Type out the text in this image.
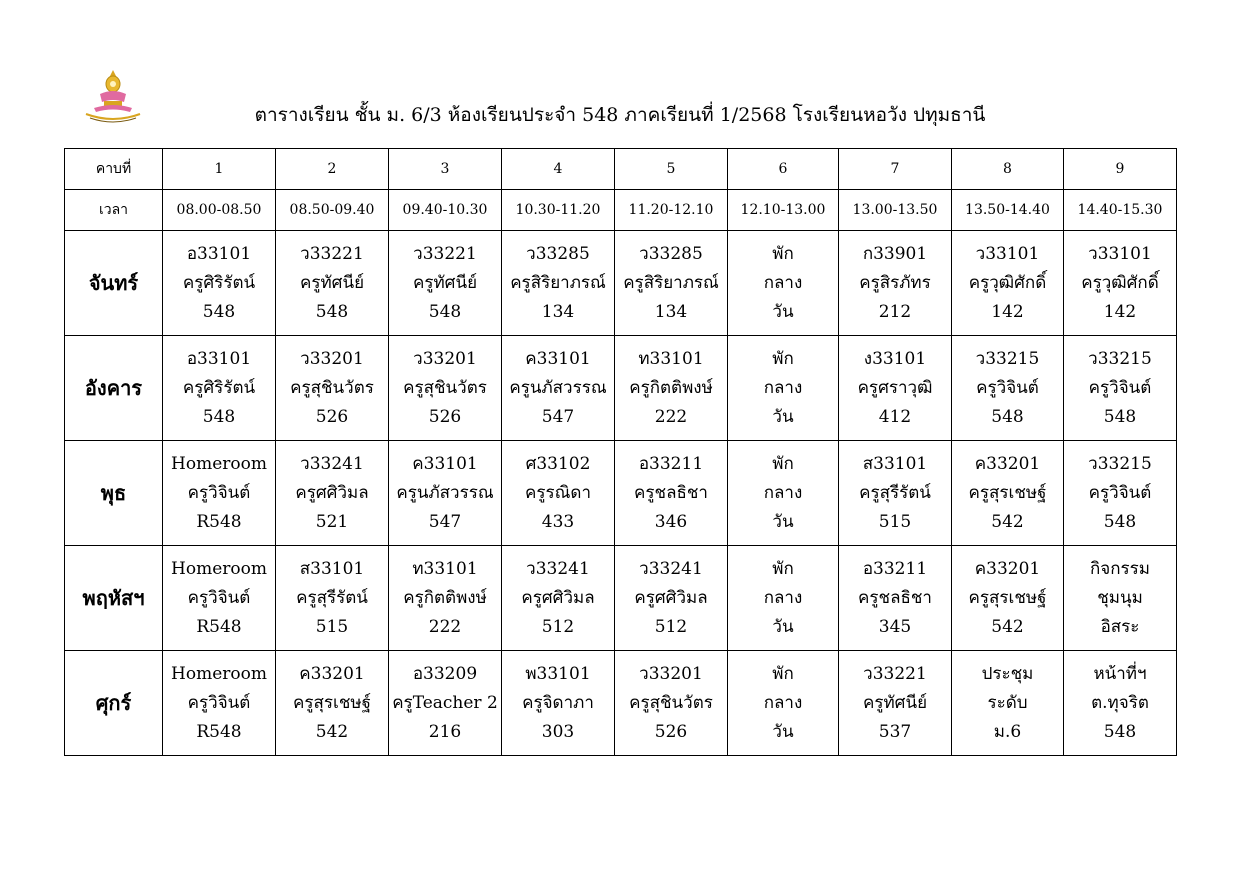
ตารางเรียน ชั้น ม. 6/3 ห้องเรียนประจำ 548 ภาคเรียนที่ 1/2568 โรงเรียนหอวัง ปทุมธานี
คาบที่	1	2	3	4	5	6	7	8	9
เวลา	08.00-08.50	08.50-09.40	09.40-10.30	10.30-11.20	11.20-12.10	12.10-13.00	13.00-13.50	13.50-14.40	14.40-15.30
จันทร์	อ33101
ครูศิริรัตน์
548	ว33221
ครูทัศนีย์
548	ว33221
ครูทัศนีย์
548	ว33285
ครูสิริยาภรณ์
134	ว33285
ครูสิริยาภรณ์
134	พัก
กลาง
วัน	ก33901
ครูสิรภัทร
212	ว33101
ครูวุฒิศักดิ์
142	ว33101
ครูวุฒิศักดิ์
142

อังคาร	อ33101
ครูศิริรัตน์
548	ว33201
ครูสุชินวัตร
526	ว33201
ครูสุชินวัตร
526	ค33101
ครูนภัสวรรณ
547	ท33101
ครูกิตติพงษ์
222	พัก
กลาง
วัน	ง33101
ครูศราวุฒิ
412	ว33215
ครูวิจินต์
548	ว33215
ครูวิจินต์
548

พุธ	Homeroom
ครูวิจินต์
R548	ว33241
ครูศศิวิมล
521	ค33101
ครูนภัสวรรณ
547	ศ33102
ครูรณิดา
433	อ33211
ครูชลธิชา
346	พัก
กลาง
วัน	ส33101
ครูสุรีรัตน์
515	ค33201
ครูสุรเชษฐ์
542	ว33215
ครูวิจินต์
548

พฤหัสฯ	Homeroom
ครูวิจินต์
R548	ส33101
ครูสุรีรัตน์
515	ท33101
ครูกิตติพงษ์
222	ว33241
ครูศศิวิมล
512	ว33241
ครูศศิวิมล
512	พัก
กลาง
วัน	อ33211
ครูชลธิชา
345	ค33201
ครูสุรเชษฐ์
542	กิจกรรม
ชุมนุม
อิสระ

ศุกร์	Homeroom
ครูวิจินต์
R548	ค33201
ครูสุรเชษฐ์
542	อ33209
ครูTeacher 2
216	พ33101
ครูจิดาภา
303	ว33201
ครูสุชินวัตร
526	พัก
กลาง
วัน	ว33221
ครูทัศนีย์
537	ประชุม
ระดับ
ม.6	หน้าที่ฯ
ต.ทุจริต
548
